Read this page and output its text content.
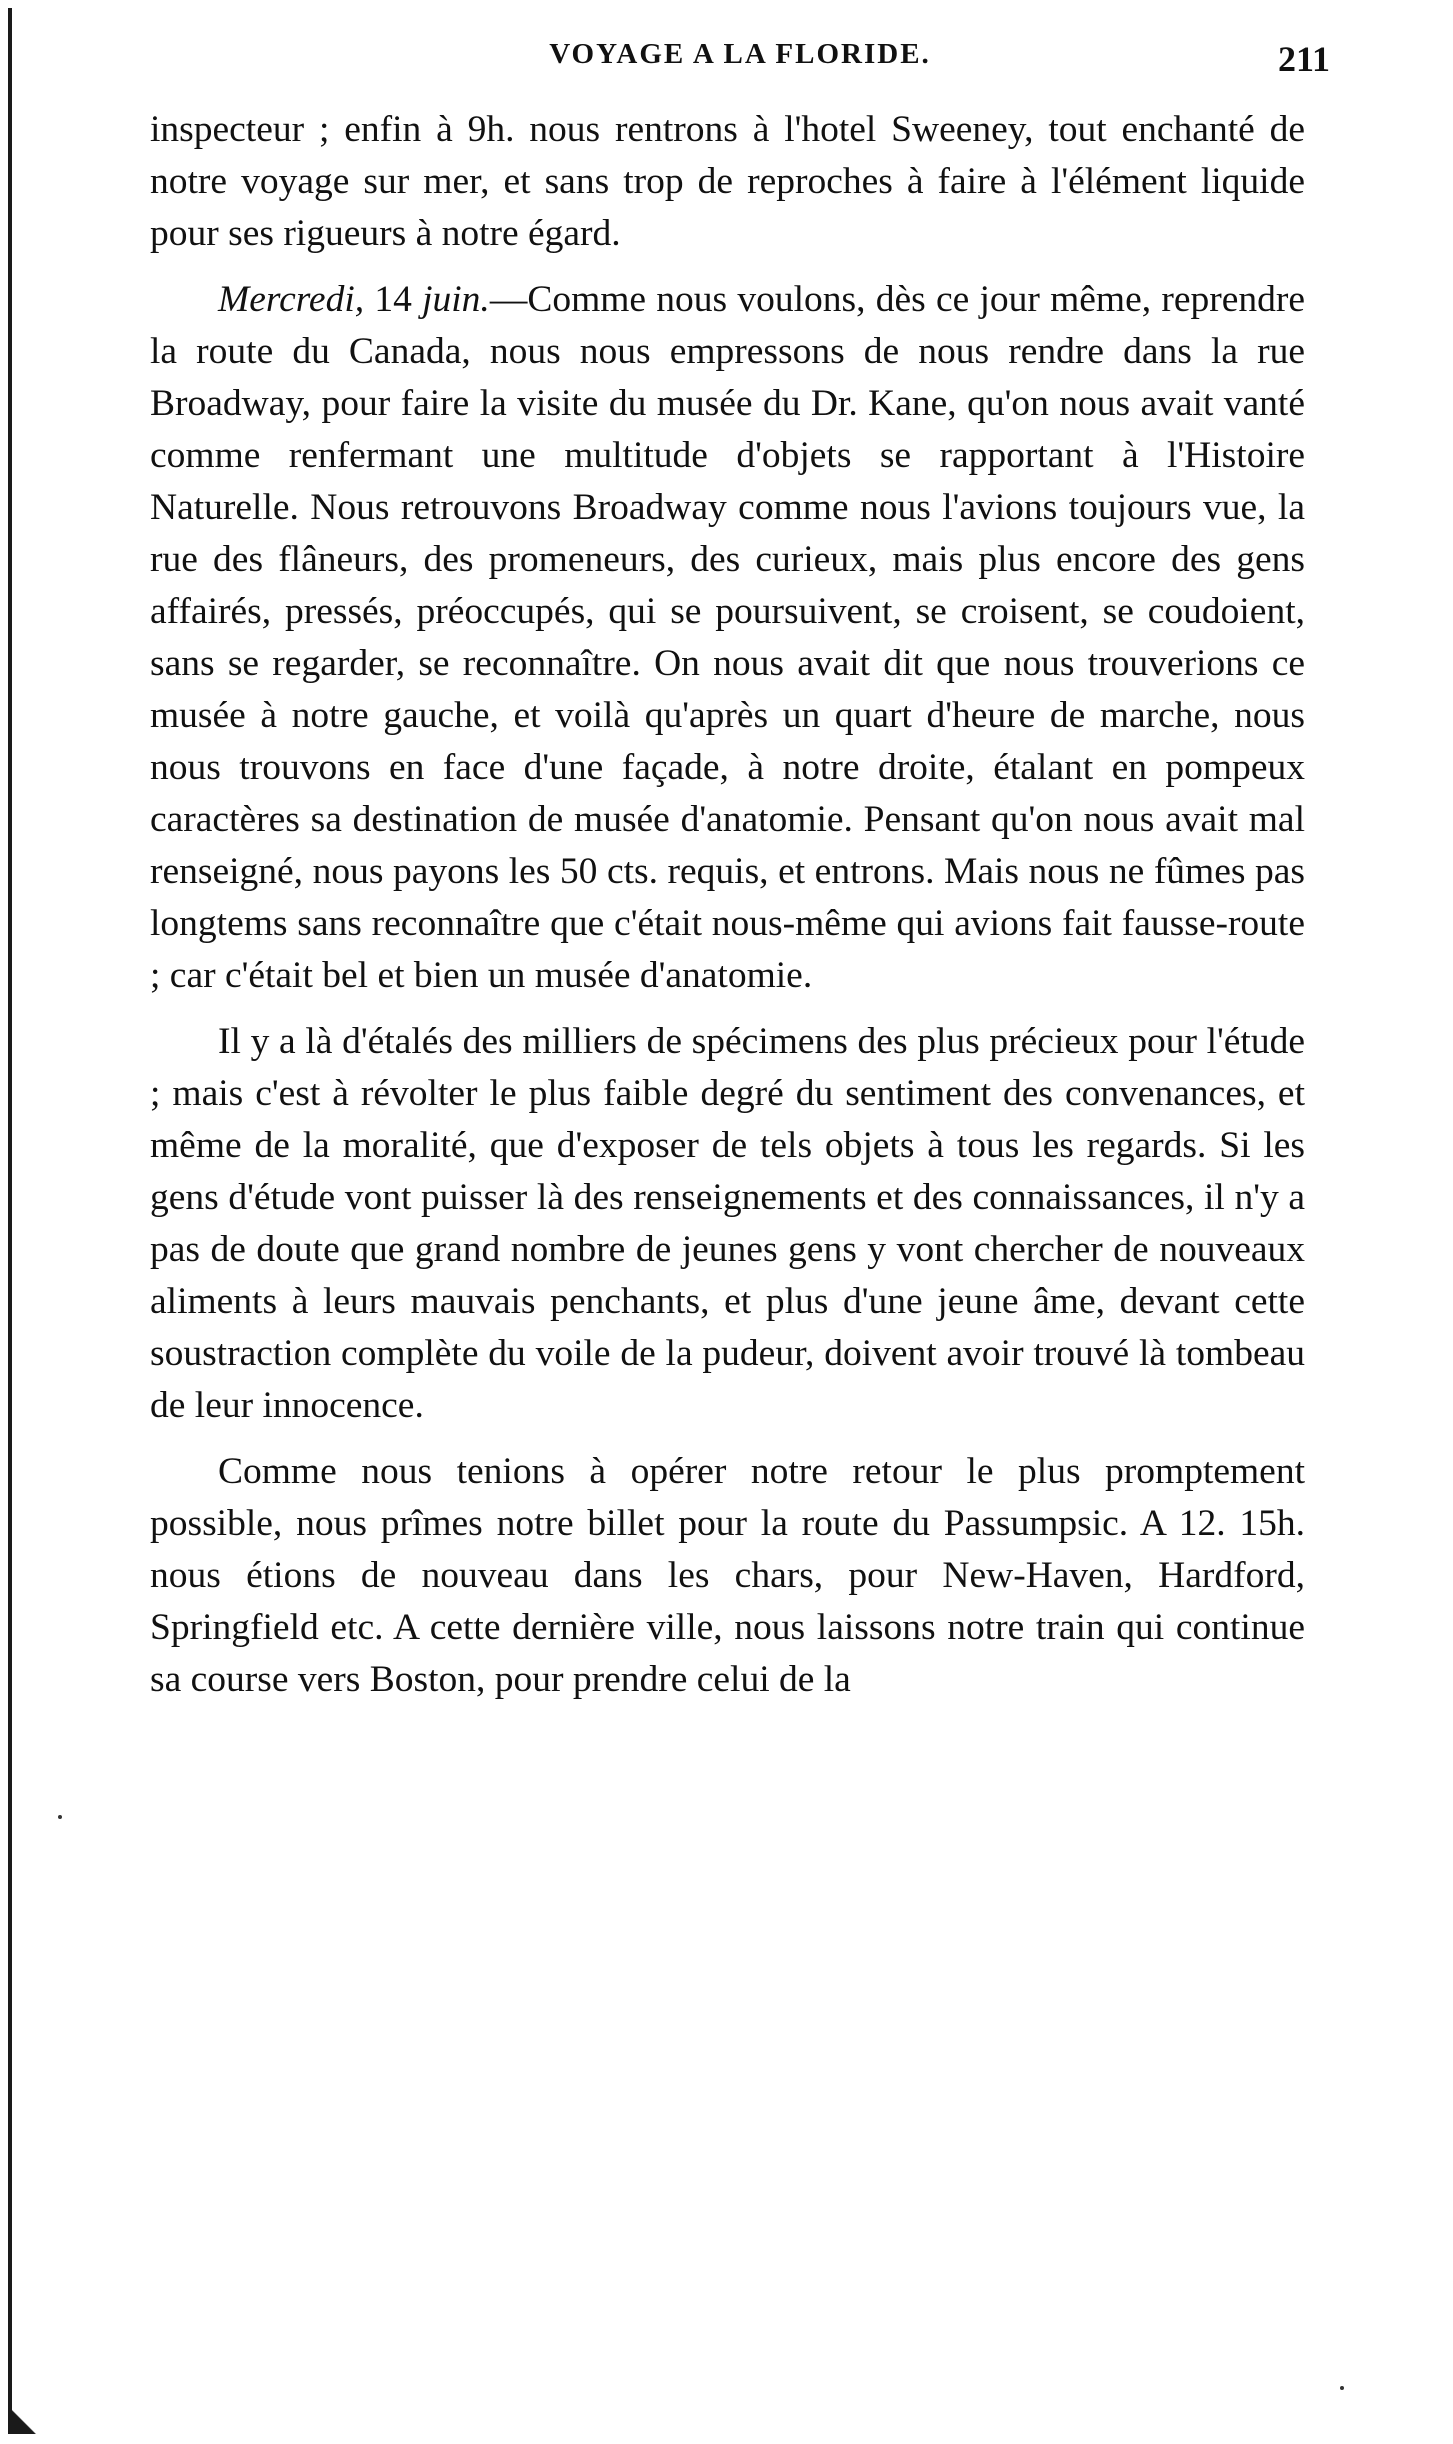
VOYAGE A LA FLORIDE.	211

inspecteur ; enfin à 9h. nous rentrons à l'hotel Sweeney, tout enchanté de notre voyage sur mer, et sans trop de reproches à faire à l'élément liquide pour ses rigueurs à notre égard.

Mercredi, 14 juin.—Comme nous voulons, dès ce jour même, reprendre la route du Canada, nous nous empressons de nous rendre dans la rue Broadway, pour faire la visite du musée du Dr. Kane, qu'on nous avait vanté comme renfermant une multitude d'objets se rapportant à l'Histoire Naturelle. Nous retrouvons Broadway comme nous l'avions toujours vue, la rue des flâneurs, des promeneurs, des curieux, mais plus encore des gens affairés, pressés, préoccupés, qui se poursuivent, se croisent, se coudoient, sans se regarder, se reconnaître. On nous avait dit que nous trouverions ce musée à notre gauche, et voilà qu'après un quart d'heure de marche, nous nous trouvons en face d'une façade, à notre droite, étalant en pompeux caractères sa destination de musée d'anatomie. Pensant qu'on nous avait mal renseigné, nous payons les 50 cts. requis, et entrons. Mais nous ne fûmes pas longtems sans reconnaître que c'était nous-même qui avions fait fausse-route ; car c'était bel et bien un musée d'anatomie.

Il y a là d'étalés des milliers de spécimens des plus précieux pour l'étude ; mais c'est à révolter le plus faible degré du sentiment des convenances, et même de la moralité, que d'exposer de tels objets à tous les regards. Si les gens d'étude vont puisser là des renseignements et des connaissances, il n'y a pas de doute que grand nombre de jeunes gens y vont chercher de nouveaux aliments à leurs mauvais penchants, et plus d'une jeune âme, devant cette soustraction complète du voile de la pudeur, doivent avoir trouvé là tombeau de leur innocence.

Comme nous tenions à opérer notre retour le plus promptement possible, nous prîmes notre billet pour la route du Passumpsic. A 12. 15h. nous étions de nouveau dans les chars, pour New-Haven, Hardford, Springfield etc. A cette dernière ville, nous laissons notre train qui continue sa course vers Boston, pour prendre celui de la
